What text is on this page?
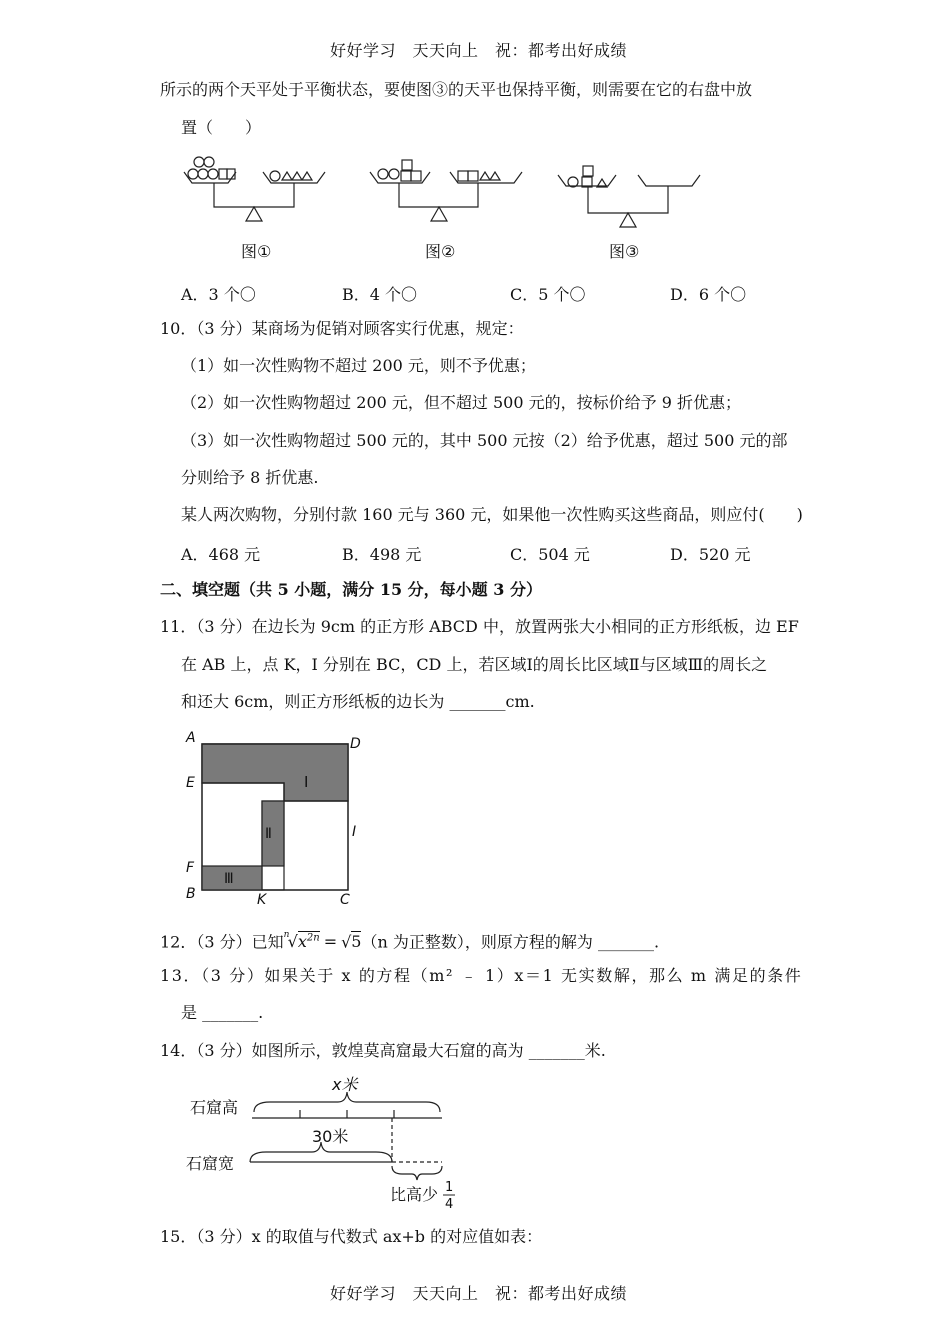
好好学习　天天向上　祝：都考出好成绩
所示的两个天平处于平衡状态，要使图③的天平也保持平衡，则需要在它的右盘中放
置（　　）
图①	图②	图③
A．3 个〇	B．4 个〇	C．5 个〇	D．6 个〇
10．（3 分）某商场为促销对顾客实行优惠，规定：
（1）如一次性购物不超过 200 元，则不予优惠；
（2）如一次性购物超过 200 元，但不超过 500 元的，按标价给予 9 折优惠；
（3）如一次性购物超过 500 元的，其中 500 元按（2）给予优惠，超过 500 元的部
分则给予 8 折优惠.
某人两次购物，分别付款 160 元与 360 元，如果他一次性购买这些商品，则应付(　　)
A．468 元	B．498 元	C．504 元	D．520 元
二、填空题（共 5 小题，满分 15 分，每小题 3 分）
11．（3 分）在边长为 9cm 的正方形 ABCD 中，放置两张大小相同的正方形纸板，边 EF
在 AB 上，点 K，I 分别在 BC，CD 上，若区域Ⅰ的周长比区域Ⅱ与区域Ⅲ的周长之
和还大 6cm，则正方形纸板的边长为 _______cm.
Ⅰ
Ⅱ
Ⅲ
A	D
E
I
F
B	K	C
12．（3 分）已知 n
$√x^{2n} = √5(n$ 为正整数），则原方程的解为 _______.
13．（3 分）如果关于 x 的方程（m² ﹣ 1）x＝1 无实数解，那么 m 满足的条件
是 _______.
14．（3 分）如图所示，敦煌莫高窟最大石窟的高为 _______米.
石窟高
石窟宽
x米
30米
比高少 1
4
15．（3 分）x 的取值与代数式 ax+b 的对应值如表：
好好学习　天天向上　祝：都考出好成绩
